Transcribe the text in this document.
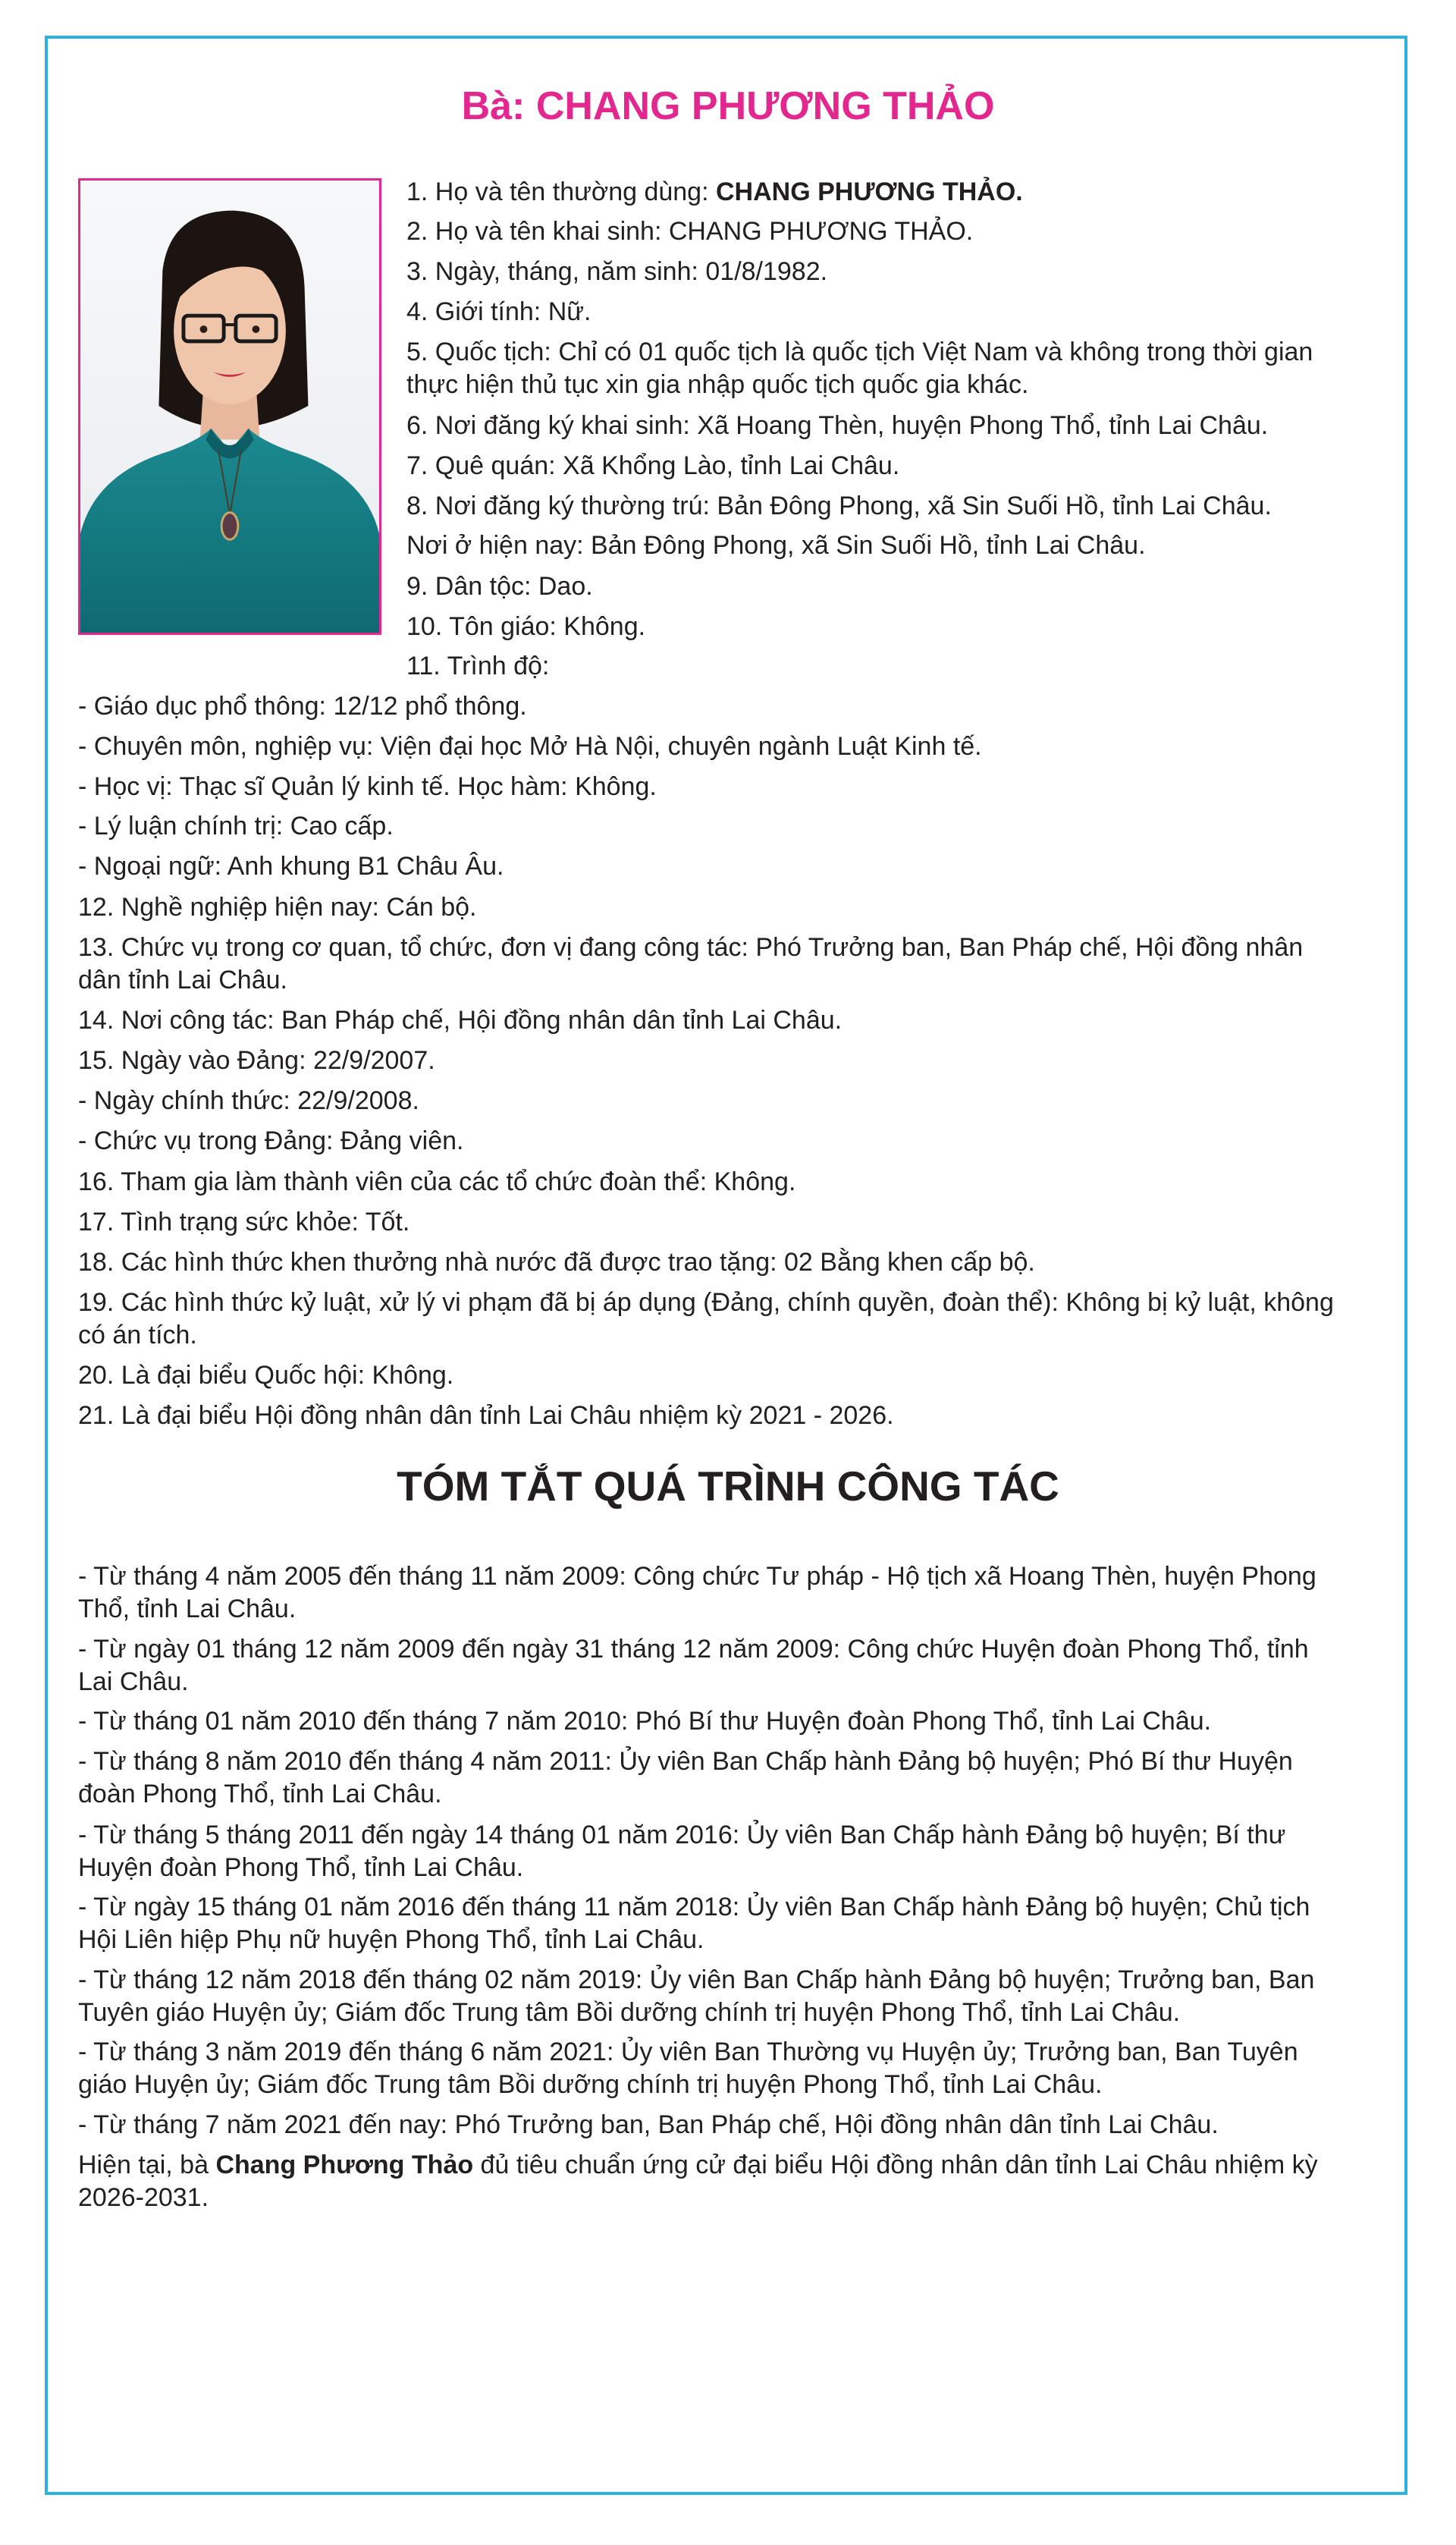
Bà: CHANG PHƯƠNG THẢO
1. Họ và tên thường dùng: CHANG PHƯƠNG THẢO.
2. Họ và tên khai sinh: CHANG PHƯƠNG THẢO.
3. Ngày, tháng, năm sinh: 01/8/1982.
4. Giới tính: Nữ.
5. Quốc tịch: Chỉ có 01 quốc tịch là quốc tịch Việt Nam và không trong thời gian
thực hiện thủ tục xin gia nhập quốc tịch quốc gia khác.
6. Nơi đăng ký khai sinh: Xã Hoang Thèn, huyện Phong Thổ, tỉnh Lai Châu.
7. Quê quán: Xã Khổng Lào, tỉnh Lai Châu.
8. Nơi đăng ký thường trú: Bản Đông Phong, xã Sin Suối Hồ, tỉnh Lai Châu.
Nơi ở hiện nay: Bản Đông Phong, xã Sin Suối Hồ, tỉnh Lai Châu.
9. Dân tộc: Dao.
10. Tôn giáo: Không.
11. Trình độ:
- Giáo dục phổ thông: 12/12 phổ thông.
- Chuyên môn, nghiệp vụ: Viện đại học Mở Hà Nội, chuyên ngành Luật Kinh tế.
- Học vị: Thạc sĩ Quản lý kinh tế. Học hàm: Không.
- Lý luận chính trị: Cao cấp.
- Ngoại ngữ: Anh khung B1 Châu Âu.
12. Nghề nghiệp hiện nay: Cán bộ.
13. Chức vụ trong cơ quan, tổ chức, đơn vị đang công tác: Phó Trưởng ban, Ban Pháp chế, Hội đồng nhân
dân tỉnh Lai Châu.
14. Nơi công tác: Ban Pháp chế, Hội đồng nhân dân tỉnh Lai Châu.
15. Ngày vào Đảng: 22/9/2007.
- Ngày chính thức: 22/9/2008.
- Chức vụ trong Đảng: Đảng viên.
16. Tham gia làm thành viên của các tổ chức đoàn thể: Không.
17. Tình trạng sức khỏe: Tốt.
18. Các hình thức khen thưởng nhà nước đã được trao tặng: 02 Bằng khen cấp bộ.
19. Các hình thức kỷ luật, xử lý vi phạm đã bị áp dụng (Đảng, chính quyền, đoàn thể): Không bị kỷ luật, không
có án tích.
20. Là đại biểu Quốc hội: Không.
21. Là đại biểu Hội đồng nhân dân tỉnh Lai Châu nhiệm kỳ 2021 - 2026.
- Từ tháng 4 năm 2005 đến tháng 11 năm 2009: Công chức Tư pháp - Hộ tịch xã Hoang Thèn, huyện Phong
Thổ, tỉnh Lai Châu.
- Từ ngày 01 tháng 12 năm 2009 đến ngày 31 tháng 12 năm 2009: Công chức Huyện đoàn Phong Thổ, tỉnh
Lai Châu.
- Từ tháng 01 năm 2010 đến tháng 7 năm 2010: Phó Bí thư Huyện đoàn Phong Thổ, tỉnh Lai Châu.
- Từ tháng 8 năm 2010 đến tháng 4 năm 2011: Ủy viên Ban Chấp hành Đảng bộ huyện; Phó Bí thư Huyện
đoàn Phong Thổ, tỉnh Lai Châu.
- Từ tháng 5 tháng 2011 đến ngày 14 tháng 01 năm 2016: Ủy viên Ban Chấp hành Đảng bộ huyện; Bí thư
Huyện đoàn Phong Thổ, tỉnh Lai Châu.
- Từ ngày 15 tháng 01 năm 2016 đến tháng 11 năm 2018: Ủy viên Ban Chấp hành Đảng bộ huyện; Chủ tịch
Hội Liên hiệp Phụ nữ huyện Phong Thổ, tỉnh Lai Châu.
- Từ tháng 12 năm 2018 đến tháng 02 năm 2019: Ủy viên Ban Chấp hành Đảng bộ huyện; Trưởng ban, Ban
Tuyên giáo Huyện ủy; Giám đốc Trung tâm Bồi dưỡng chính trị huyện Phong Thổ, tỉnh Lai Châu.
- Từ tháng 3 năm 2019 đến tháng 6 năm 2021: Ủy viên Ban Thường vụ Huyện ủy; Trưởng ban, Ban Tuyên
giáo Huyện ủy; Giám đốc Trung tâm Bồi dưỡng chính trị huyện Phong Thổ, tỉnh Lai Châu.
- Từ tháng 7 năm 2021 đến nay: Phó Trưởng ban, Ban Pháp chế, Hội đồng nhân dân tỉnh Lai Châu.
Hiện tại, bà Chang Phương Thảo đủ tiêu chuẩn ứng cử đại biểu Hội đồng nhân dân tỉnh Lai Châu nhiệm kỳ
2026-2031.
TÓM TẮT QUÁ TRÌNH CÔNG TÁC
